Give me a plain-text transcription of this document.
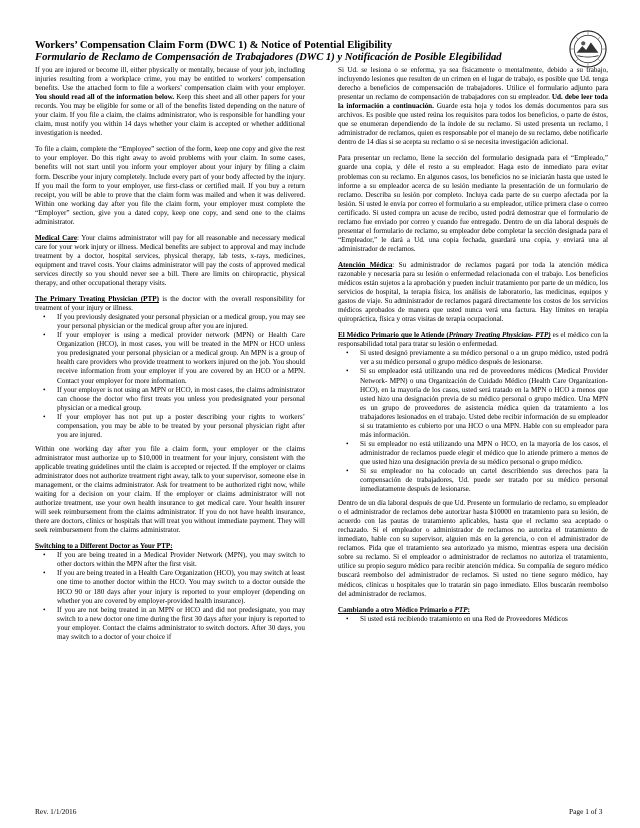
Workers’ Compensation Claim Form (DWC 1) & Notice of Potential Eligibility
Formulario de Reclamo de Compensación de Trabajadores (DWC 1) y Notificación de Posible Elegibilidad

If you are injured or become ill, either physically or mentally, because of your job, including injuries resulting from a workplace crime, you may be entitled to workers’ compensation benefits. Use the attached form to file a workers’ compensation claim with your employer. You should read all of the information below. Keep this sheet and all other papers for your records. You may be eligible for some or all of the benefits listed depending on the nature of your claim. If you file a claim, the claims administrator, who is responsible for handling your claim, must notify you within 14 days whether your claim is accepted or whether additional investigation is needed.

To file a claim, complete the “Employee” section of the form, keep one copy and give the rest to your employer. Do this right away to avoid problems with your claim. In some cases, benefits will not start until you inform your employer about your injury by filing a claim form. Describe your injury completely. Include every part of your body affected by the injury. If you mail the form to your employer, use first-class or certified mail. If you buy a return receipt, you will be able to prove that the claim form was mailed and when it was delivered. Within one working day after you file the claim form, your employer must complete the “Employer” section, give you a dated copy, keep one copy, and send one to the claims administrator.

Medical Care: Your claims administrator will pay for all reasonable and necessary medical care for your work injury or illness. Medical benefits are subject to approval and may include treatment by a doctor, hospital services, physical therapy, lab tests, x-rays, medicines, equipment and travel costs. Your claims administrator will pay the costs of approved medical services directly so you should never see a bill. There are limits on chiropractic, physical therapy, and other occupational therapy visits.

The Primary Treating Physician (PTP) is the doctor with the overall responsibility for treatment of your injury or illness.

• If you previously designated your personal physician or a medical group, you may see your personal physician or the medical group after you are injured.
• If your employer is using a medical provider network (MPN) or Health Care Organization (HCO), in most cases, you will be treated in the MPN or HCO unless you predesignated your personal physician or a medical group. An MPN is a group of health care providers who provide treatment to workers injured on the job. You should receive information from your employer if you are covered by an HCO or a MPN. Contact your employer for more information.
• If your employer is not using an MPN or HCO, in most cases, the claims administrator can choose the doctor who first treats you unless you predesignated your personal physician or a medical group.
• If your employer has not put up a poster describing your rights to workers’ compensation, you may be able to be treated by your personal physician right after you are injured.

Within one working day after you file a claim form, your employer or the claims administrator must authorize up to $10,000 in treatment for your injury, consistent with the applicable treating guidelines until the claim is accepted or rejected. If the employer or claims administrator does not authorize treatment right away, talk to your supervisor, someone else in management, or the claims administrator. Ask for treatment to be authorized right now, while waiting for a decision on your claim. If the employer or claims administrator will not authorize treatment, use your own health insurance to get medical care. Your health insurer will seek reimbursement from the claims administrator. If you do not have health insurance, there are doctors, clinics or hospitals that will treat you without immediate payment. They will seek reimbursement from the claims administrator.

Switching to a Different Doctor as Your PTP:

• If you are being treated in a Medical Provider Network (MPN), you may switch to other doctors within the MPN after the first visit.
• If you are being treated in a Health Care Organization (HCO), you may switch at least one time to another doctor within the HCO. You may switch to a doctor outside the HCO 90 or 180 days after your injury is reported to your employer (depending on whether you are covered by employer-provided health insurance).
• If you are not being treated in an MPN or HCO and did not predesignate, you may switch to a new doctor one time during the first 30 days after your injury is reported to your employer. Contact the claims administrator to switch doctors. After 30 days, you may switch to a doctor of your choice if

Si Ud. se lesiona o se enferma, ya sea físicamente o mentalmente, debido a su trabajo, incluyendo lesiones que resulten de un crimen en el lugar de trabajo, es posible que Ud. tenga derecho a beneficios de compensación de trabajadores. Utilice el formulario adjunto para presentar un reclamo de compensación de trabajadores con su empleador. Ud. debe leer toda la información a continuación. Guarde esta hoja y todos los demás documentos para sus archivos. Es posible que usted reúna los requisitos para todos los beneficios, o parte de éstos, que se enumeran dependiendo de la índole de su reclamo. Si usted presenta un reclamo, l administrador de reclamos, quien es responsable por el manejo de su reclamo, debe notificarle dentro de 14 días si se acepta su reclamo o si se necesita investigación adicional.

Para presentar un reclamo, llene la sección del formulario designada para el “Empleado,” guarde una copia, y déle el resto a su empleador. Haga esto de inmediato para evitar problemas con su reclamo. En algunos casos, los beneficios no se iniciarán hasta que usted le informe a su empleador acerca de su lesión mediante la presentación de un formulario de reclamo. Describa su lesión por completo. Incluya cada parte de su cuerpo afectada por la lesión. Si usted le envía por correo el formulario a su empleador, utilice primera clase o correo certificado. Si usted compra un acuse de recibo, usted podrá demostrar que el formulario de reclamo fue enviado por correo y cuando fue entregado. Dentro de un día laboral después de presentar el formulario de reclamo, su empleador debe completar la sección designada para el “Empleador,” le dará a Ud. una copia fechada, guardará una copia, y enviará una al administrador de reclamos.

Atención Médica: Su administrador de reclamos pagará por toda la atención médica razonable y necesaria para su lesión o enfermedad relacionada con el trabajo. Los beneficios médicos están sujetos a la aprobación y pueden incluir tratamiento por parte de un médico, los servicios de hospital, la terapia física, los análisis de laboratorio, las medicinas, equipos y gastos de viaje. Su administrador de reclamos pagará directamente los costos de los servicios médicos aprobados de manera que usted nunca verá una factura. Hay límites en terapia quiropráctica, física y otras visitas de terapia ocupacional.

El Médico Primario que le Atiende (Primary Treating Physician- PTP) es el médico con la responsabilidad total para tratar su lesión o enfermedad.

• Si usted designó previamente a su médico personal o a un grupo médico, usted podrá ver a su médico personal o grupo médico después de lesionarse.
• Si su empleador está utilizando una red de proveedores médicos (Medical Provider Network- MPN) o una Organización de Cuidado Médico (Health Care Organization- HCO), en la mayoría de los casos, usted será tratado en la MPN o HCO a menos que usted hizo una designación previa de su médico personal o grupo médico. Una MPN es un grupo de proveedores de asistencia médica quien da tratamiento a los trabajadores lesionados en el trabajo. Usted debe recibir información de su empleador si su tratamiento es cubierto por una HCO o una MPN. Hable con su empleador para más información.
• Si su empleador no está utilizando una MPN o HCO, en la mayoría de los casos, el administrador de reclamos puede elegir el médico que lo atiende primero a menos de que usted hizo una designación previa de su médico personal o grupo médico.
• Si su empleador no ha colocado un cartel describiendo sus derechos para la compensación de trabajadores, Ud. puede ser tratado por su médico personal inmediatamente después de lesionarse.

Dentro de un día laboral después de que Ud. Presente un formulario de reclamo, su empleador o el administrador de reclamos debe autorizar hasta $10000 en tratamiento para su lesión, de acuerdo con las pautas de tratamiento aplicables, hasta que el reclamo sea aceptado o rechazado. Si el empleador o administrador de reclamos no autoriza el tratamiento de inmediato, hable con su supervisor, alguien más en la gerencia, o con el administrador de reclamos. Pida que el tratamiento sea autorizado ya mismo, mientras espera una decisión sobre su reclamo. Si el empleador o administrador de reclamos no autoriza el tratamiento, utilice su propio seguro médico para recibir atención médica. Su compañía de seguro médico buscará reembolso del administrador de reclamos. Si usted no tiene seguro médico, hay médicos, clínicas u hospitales que lo tratarán sin pago inmediato. Ellos buscarán reembolso del administrador de reclamos.

Cambiando a otro Médico Primario o PTP:

• Si usted está recibiendo tratamiento en una Red de Proveedores Médicos
Rev. 1/1/2016	Page 1 of 3
